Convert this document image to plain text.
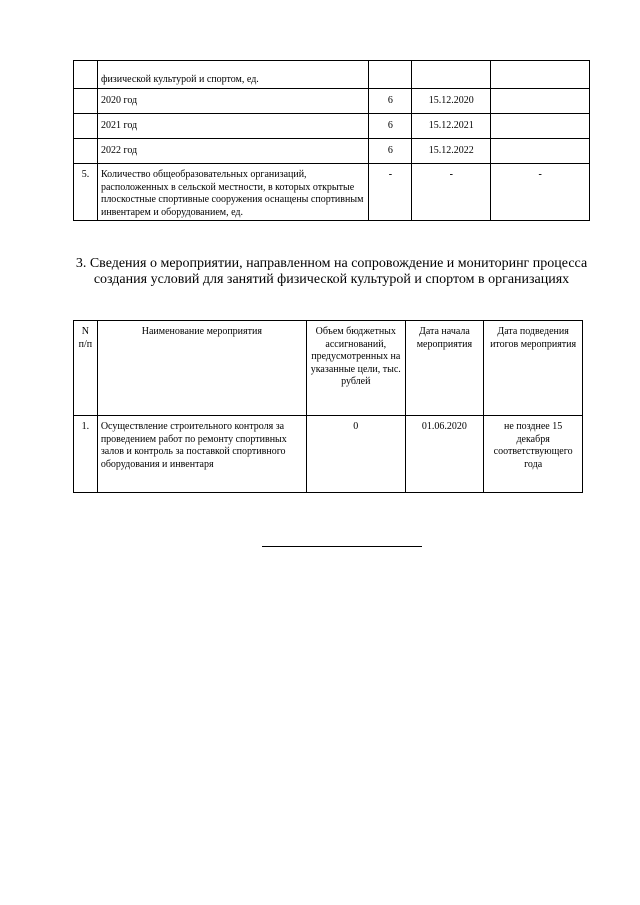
	физической культурой и спортом, ед.			
	2020 год	6	15.12.2020	
	2021 год	6	15.12.2021	
	2022 год	6	15.12.2022	
5.	Количество общеобразовательных организаций, расположенных в сельской местности, в которых открытые плоскостные спортивные сооружения оснащены спортивным инвентарем и оборудованием, ед.	-	-	-
3. Сведения о мероприятии, направленном на сопровождение и мониторинг процесса создания условий для занятий физической культурой и спортом в организациях
N п/п	Наименование мероприятия	Объем бюджетных ассигнований, предусмотренных на указанные цели, тыс. рублей	Дата начала мероприятия	Дата подведения итогов мероприятия
1.	Осуществление строительного контроля за проведением работ по ремонту спортивных залов и контроль за поставкой спортивного оборудования и инвентаря	0	01.06.2020	не позднее 15 декабря соответствующего года
